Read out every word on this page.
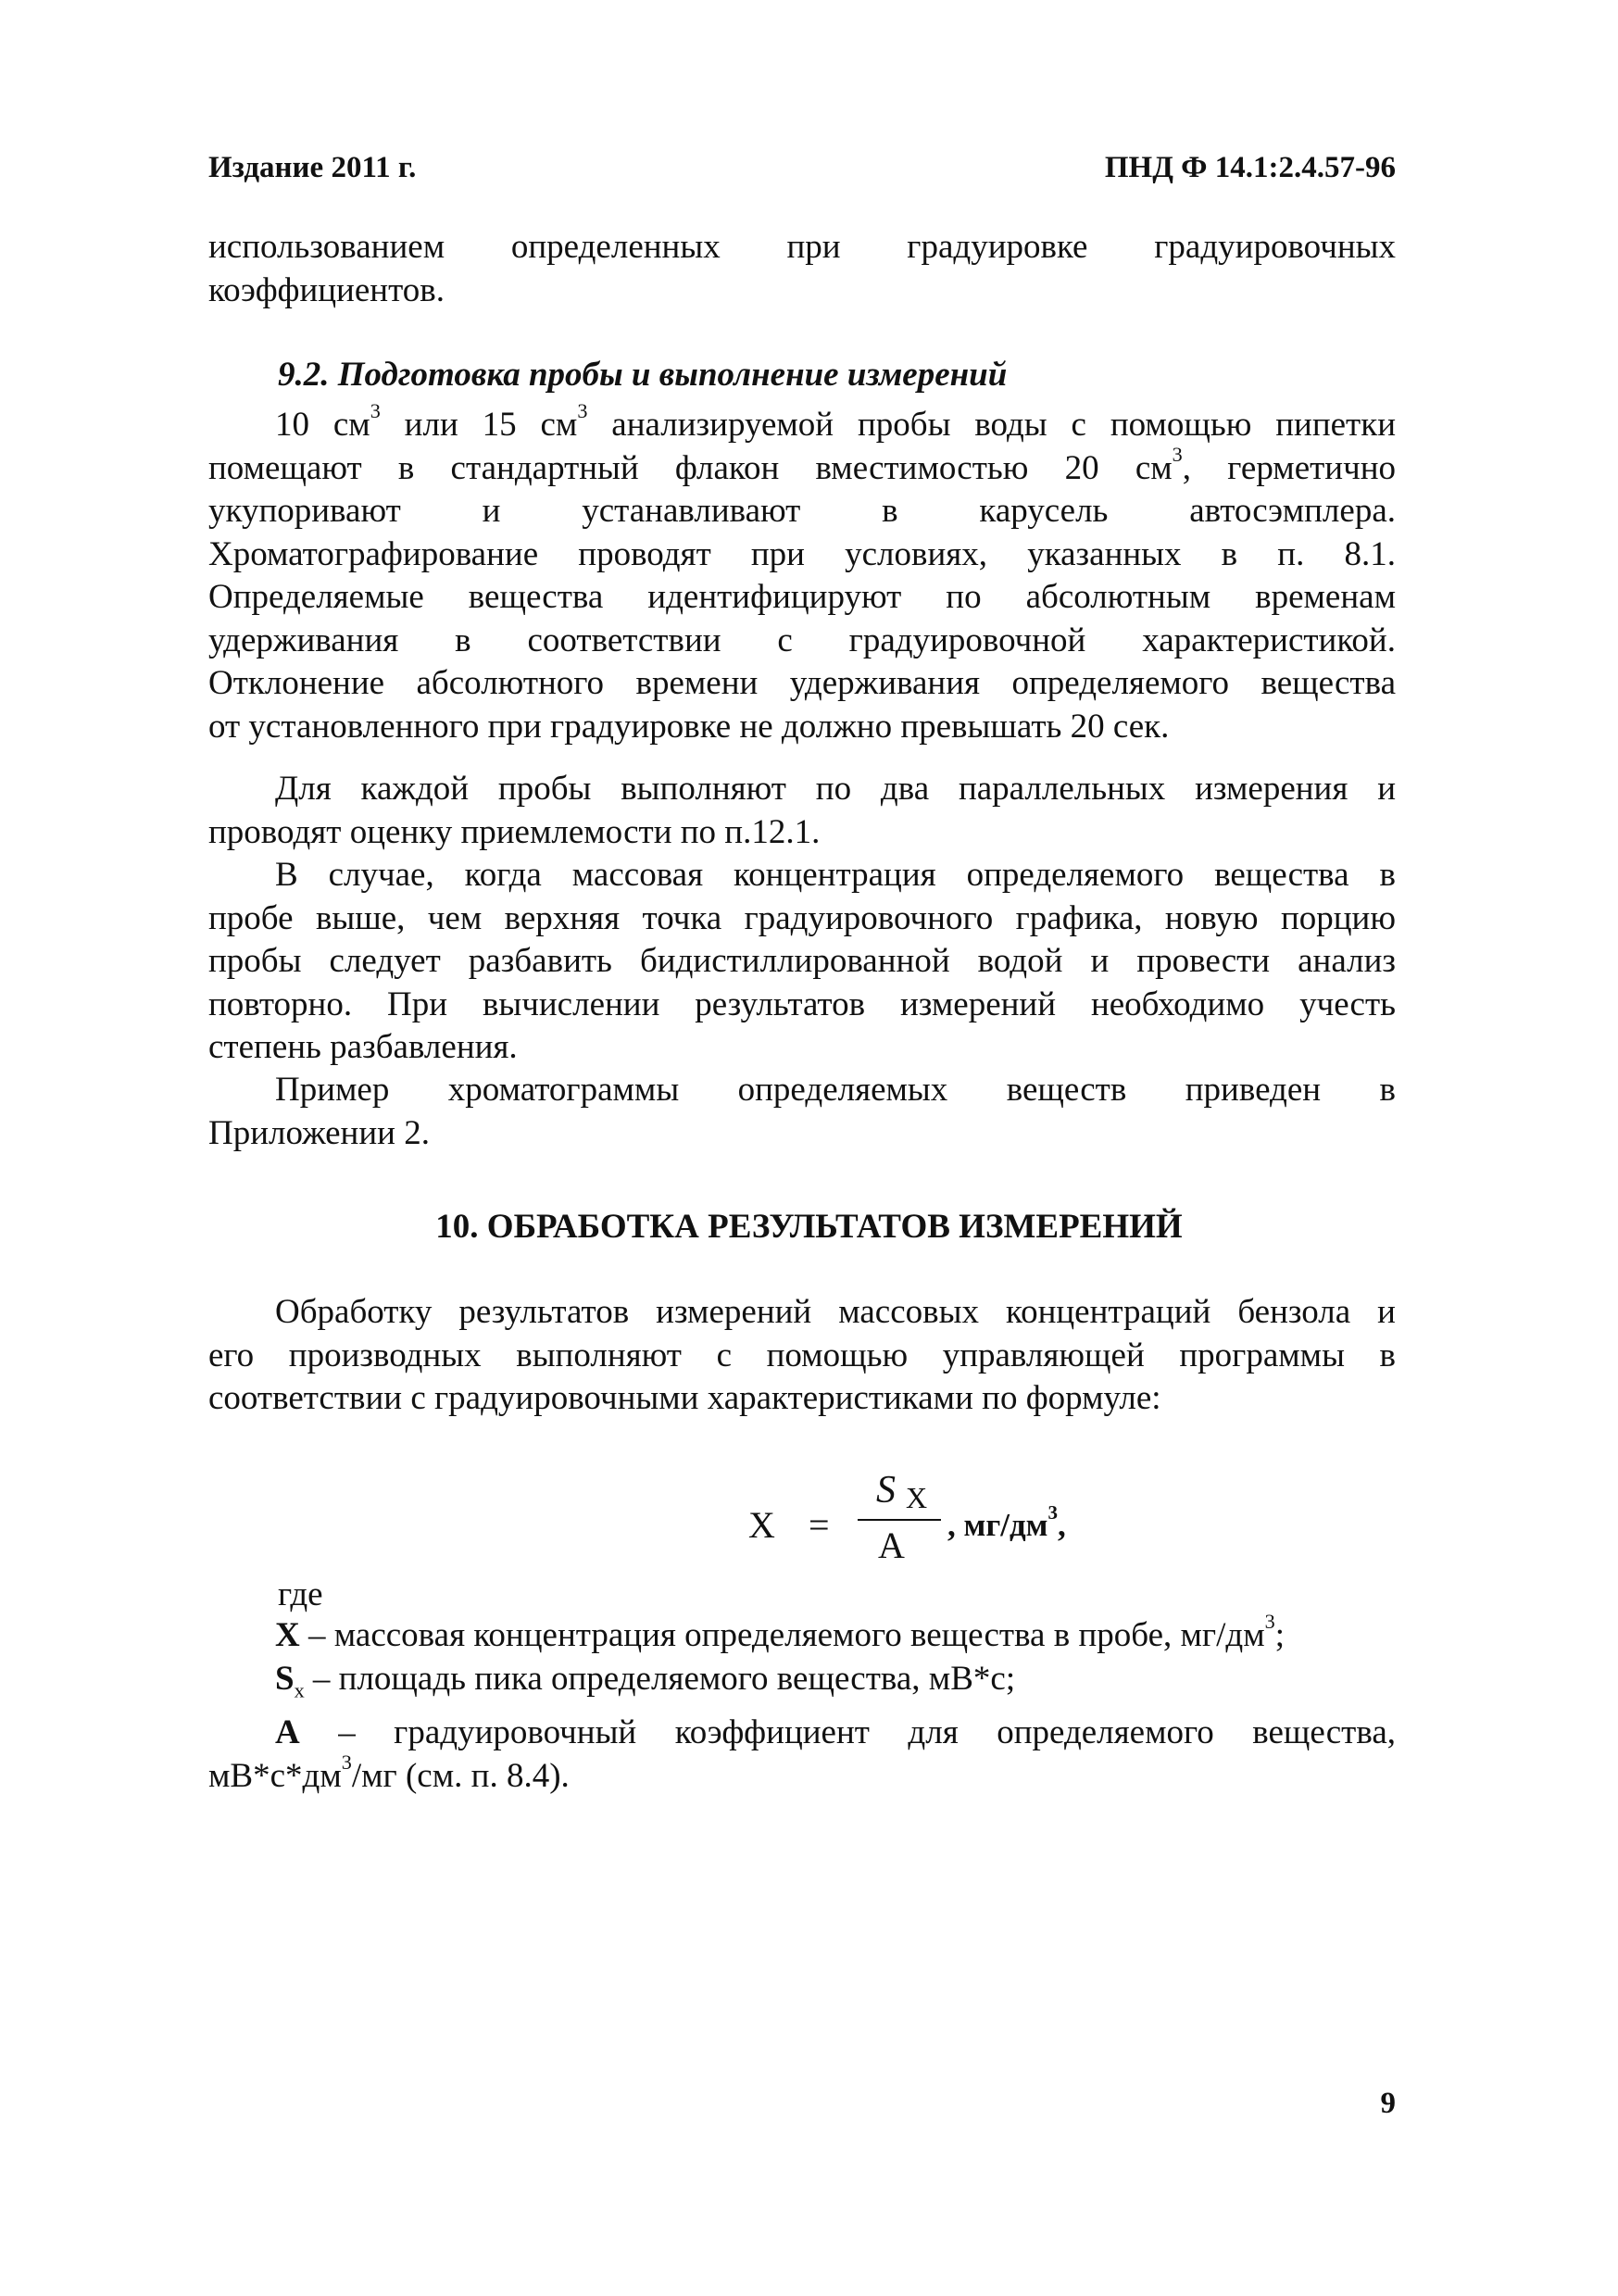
Издание 2011 г.	ПНД Ф 14.1:2.4.57-96

использованием определенных при градуировке градуировочных

коэффициентов.

9.2. Подготовка пробы и выполнение измерений

10 $см^3$ или 15 $см^3$ анализируемой пробы воды с помощью пипетки

помещают в стандартный флакон вместимостью 20 $см^3$, герметично

укупоривают и устанавливают в карусель автосэмплера.

Хроматографирование проводят при условиях, указанных в п. 8.1.

Определяемые вещества идентифицируют по абсолютным временам

удерживания в соответствии с градуировочной характеристикой.

Отклонение абсолютного времени удерживания определяемого вещества

от установленного при градуировке не должно превышать 20 сек.

Для каждой пробы выполняют по два параллельных измерения и

проводят оценку приемлемости по п.12.1.

В случае, когда массовая концентрация определяемого вещества в

пробе выше, чем верхняя точка градуировочного графика, новую порцию

пробы следует разбавить бидистиллированной водой и провести анализ

повторно. При вычислении результатов измерений необходимо учесть

степень разбавления.

Пример хроматограммы определяемых веществ приведен в

Приложении 2.

10. ОБРАБОТКА РЕЗУЛЬТАТОВ ИЗМЕРЕНИЙ

Обработку результатов измерений массовых концентраций бензола и

его производных выполняют с помощью управляющей программы в

соответствии с градуировочными характеристиками по формуле:

X =
S X
A , $мг/дм^3$,
где

X – массовая концентрация определяемого вещества в пробе, $мг/дм^3$;

$S_x$ – площадь пика определяемого вещества, мВ*с;

А – градуировочный коэффициент для определяемого вещества,

$мВ*с*дм^3/мг$ (см. п. 8.4).

9
